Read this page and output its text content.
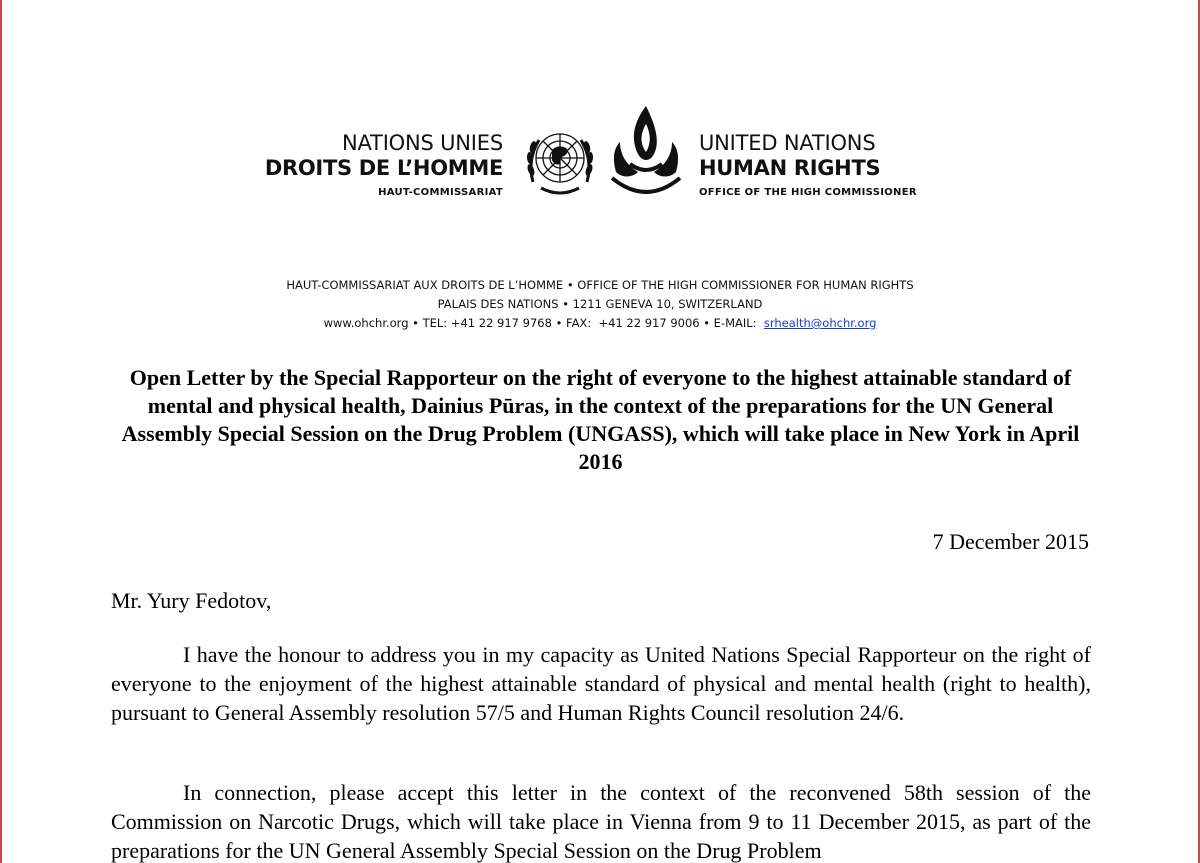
NATIONS UNIES
DROITS DE L’HOMME
HAUT-COMMISSARIAT
UNITED NATIONS
HUMAN RIGHTS
OFFICE OF THE HIGH COMMISSIONER
HAUT-COMMISSARIAT AUX DROITS DE L’HOMME • OFFICE OF THE HIGH COMMISSIONER FOR HUMAN RIGHTS
PALAIS DES NATIONS • 1211 GENEVA 10, SWITZERLAND
www.ohchr.org • TEL: +41 22 917 9768 • FAX:  +41 22 917 9006 • E-MAIL:  srhealth@ohchr.org
Open Letter by the Special Rapporteur on the right of everyone to the highest attainable standard of mental and physical health, Dainius Pūras, in the context of the preparations for the UN General Assembly Special Session on the Drug Problem (UNGASS), which will take place in New York in April 2016
7 December 2015
Mr. Yury Fedotov,
I have the honour to address you in my capacity as United Nations Special Rapporteur on the right of everyone to the enjoyment of the highest attainable standard of physical and mental health (right to health), pursuant to General Assembly resolution 57/5 and Human Rights Council resolution 24/6.
In connection, please accept this letter in the context of the reconvened 58th session of the Commission on Narcotic Drugs, which will take place in Vienna from 9 to 11 December 2015, as part of the preparations for the UN General Assembly Special Session on the Drug Problem
